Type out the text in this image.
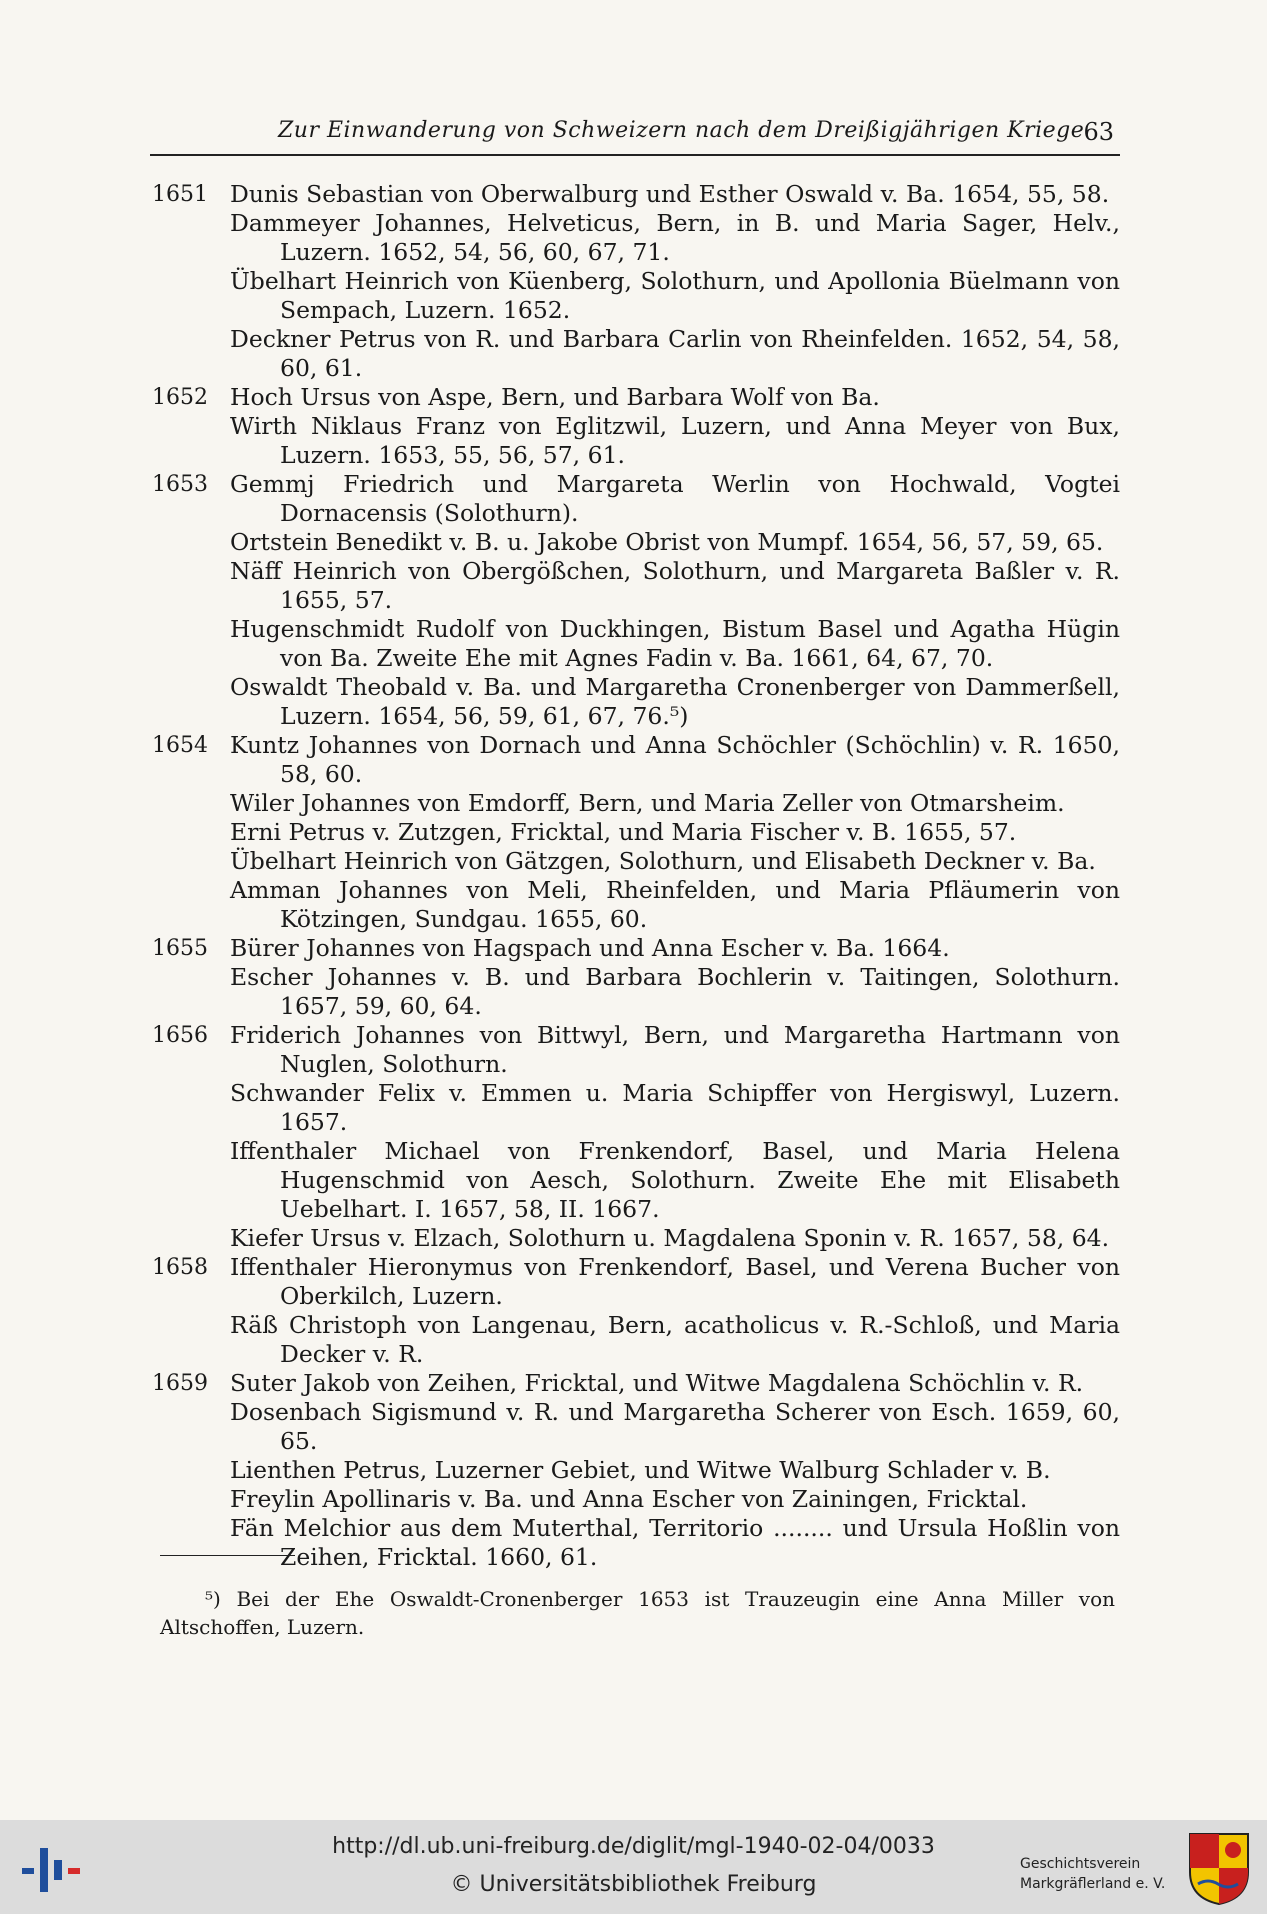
Zur Einwanderung von Schweizern nach dem Dreißigjährigen Kriege 63
1651 Dunis Sebastian von Oberwalburg und Esther Oswald v. Ba. 1654, 55, 58.

Dammeyer Johannes, Helveticus, Bern, in B. und Maria Sager, Helv., Luzern. 1652, 54, 56, 60, 67, 71.

Übelhart Heinrich von Küenberg, Solothurn, und Apollonia Büelmann von Sempach, Luzern. 1652.

Deckner Petrus von R. und Barbara Carlin von Rheinfelden. 1652, 54, 58, 60, 61.

1652 Hoch Ursus von Aspe, Bern, und Barbara Wolf von Ba.

Wirth Niklaus Franz von Eglitzwil, Luzern, und Anna Meyer von Bux, Luzern. 1653, 55, 56, 57, 61.

1653 Gemmj Friedrich und Margareta Werlin von Hochwald, Vogtei Dornacensis (Solothurn).

Ortstein Benedikt v. B. u. Jakobe Obrist von Mumpf. 1654, 56, 57, 59, 65.

Näff Heinrich von Obergößchen, Solothurn, und Margareta Baßler v. R. 1655, 57.

Hugenschmidt Rudolf von Duckhingen, Bistum Basel und Agatha Hügin von Ba. Zweite Ehe mit Agnes Fadin v. Ba. 1661, 64, 67, 70.

Oswaldt Theobald v. Ba. und Margaretha Cronenberger von Dammerßell, Luzern. 1654, 56, 59, 61, 67, 76.⁵)

1654 Kuntz Johannes von Dornach und Anna Schöchler (Schöchlin) v. R. 1650, 58, 60.

Wiler Johannes von Emdorff, Bern, und Maria Zeller von Otmarsheim.

Erni Petrus v. Zutzgen, Fricktal, und Maria Fischer v. B. 1655, 57.

Übelhart Heinrich von Gätzgen, Solothurn, und Elisabeth Deckner v. Ba.

Amman Johannes von Meli, Rheinfelden, und Maria Pfläumerin von Kötzingen, Sundgau. 1655, 60.

1655 Bürer Johannes von Hagspach und Anna Escher v. Ba. 1664.

Escher Johannes v. B. und Barbara Bochlerin v. Taitingen, Solothurn. 1657, 59, 60, 64.

1656 Friderich Johannes von Bittwyl, Bern, und Margaretha Hartmann von Nuglen, Solothurn.

Schwander Felix v. Emmen u. Maria Schipffer von Hergiswyl, Luzern. 1657.

Iffenthaler Michael von Frenkendorf, Basel, und Maria Helena Hugenschmid von Aesch, Solothurn. Zweite Ehe mit Elisabeth Uebelhart. I. 1657, 58, II. 1667.

Kiefer Ursus v. Elzach, Solothurn u. Magdalena Sponin v. R. 1657, 58, 64.

1658 Iffenthaler Hieronymus von Frenkendorf, Basel, und Verena Bucher von Oberkilch, Luzern.

Räß Christoph von Langenau, Bern, acatholicus v. R.-Schloß, und Maria Decker v. R.

1659 Suter Jakob von Zeihen, Fricktal, und Witwe Magdalena Schöchlin v. R.

Dosenbach Sigismund v. R. und Margaretha Scherer von Esch. 1659, 60, 65.

Lienthen Petrus, Luzerner Gebiet, und Witwe Walburg Schlader v. B.

Freylin Apollinaris v. Ba. und Anna Escher von Zainingen, Fricktal.

Fän Melchior aus dem Muterthal, Territorio ........ und Ursula Hoßlin von Zeihen, Fricktal. 1660, 61.

⁵) Bei der Ehe Oswaldt-Cronenberger 1653 ist Trauzeugin eine Anna Miller von Altschoffen, Luzern.

http://dl.ub.uni-freiburg.de/diglit/mgl-1940-02-04/0033
© Universitätsbibliothek Freiburg
Geschichtsverein
Markgräflerland e. V.
